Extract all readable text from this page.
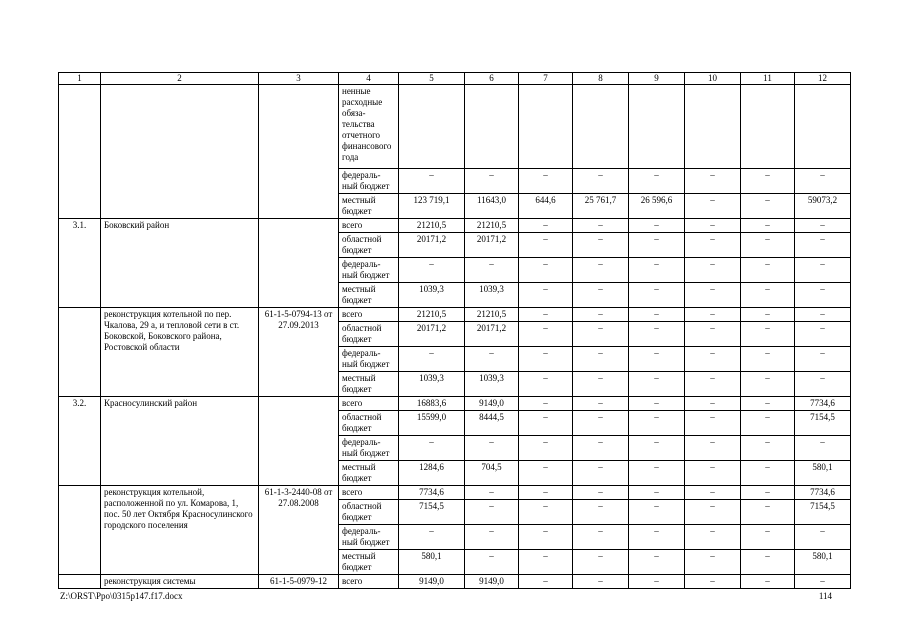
1	2	3	4	5	6	7	8	9	10	11	12
			ненные расходные обяза-тельства отчетного финансового года								
			федераль-ный бюджет	–	–	–	–	–	–	–	–
			местный бюджет	123 719,1	11643,0	644,6	25 761,7	26 596,6	–	–	59073,2
3.1.	Боковский район		всего	21210,5	21210,5	–	–	–	–	–	–
			областной бюджет	20171,2	20171,2	–	–	–	–	–	–
			федераль-ный бюджет	–	–	–	–	–	–	–	–
			местный бюджет	1039,3	1039,3	–	–	–	–	–	–
	реконструкция котельной по пер. Чкалова, 29 а, и тепловой сети в ст. Боковской, Боковского района, Ростовской области	61-1-5-0794-13 от 27.09.2013	всего	21210,5	21210,5	–	–	–	–	–	–
			областной бюджет	20171,2	20171,2	–	–	–	–	–	–
			федераль-ный бюджет	–	–	–	–	–	–	–	–
			местный бюджет	1039,3	1039,3	–	–	–	–	–	–
3.2.	Красносулинский район		всего	16883,6	9149,0	–	–	–	–	–	7734,6
			областной бюджет	15599,0	8444,5	–	–	–	–	–	7154,5
			федераль-ный бюджет	–	–	–	–	–	–	–	–
			местный бюджет	1284,6	704,5	–	–	–	–	–	580,1
	реконструкция котельной, расположенной по ул. Комарова, 1, пос. 50 лет Октября Красносулинского городского поселения	61-1-3-2440-08 от 27.08.2008	всего	7734,6	–	–	–	–	–	–	7734,6
			областной бюджет	7154,5	–	–	–	–	–	–	7154,5
			федераль-ный бюджет	–	–	–	–	–	–	–	–
			местный бюджет	580,1	–	–	–	–	–	–	580,1
	реконструкция системы	61-1-5-0979-12	всего	9149,0	9149,0	–	–	–	–	–	–
Z:\ORST\Ppo\0315p147.f17.docx	114
